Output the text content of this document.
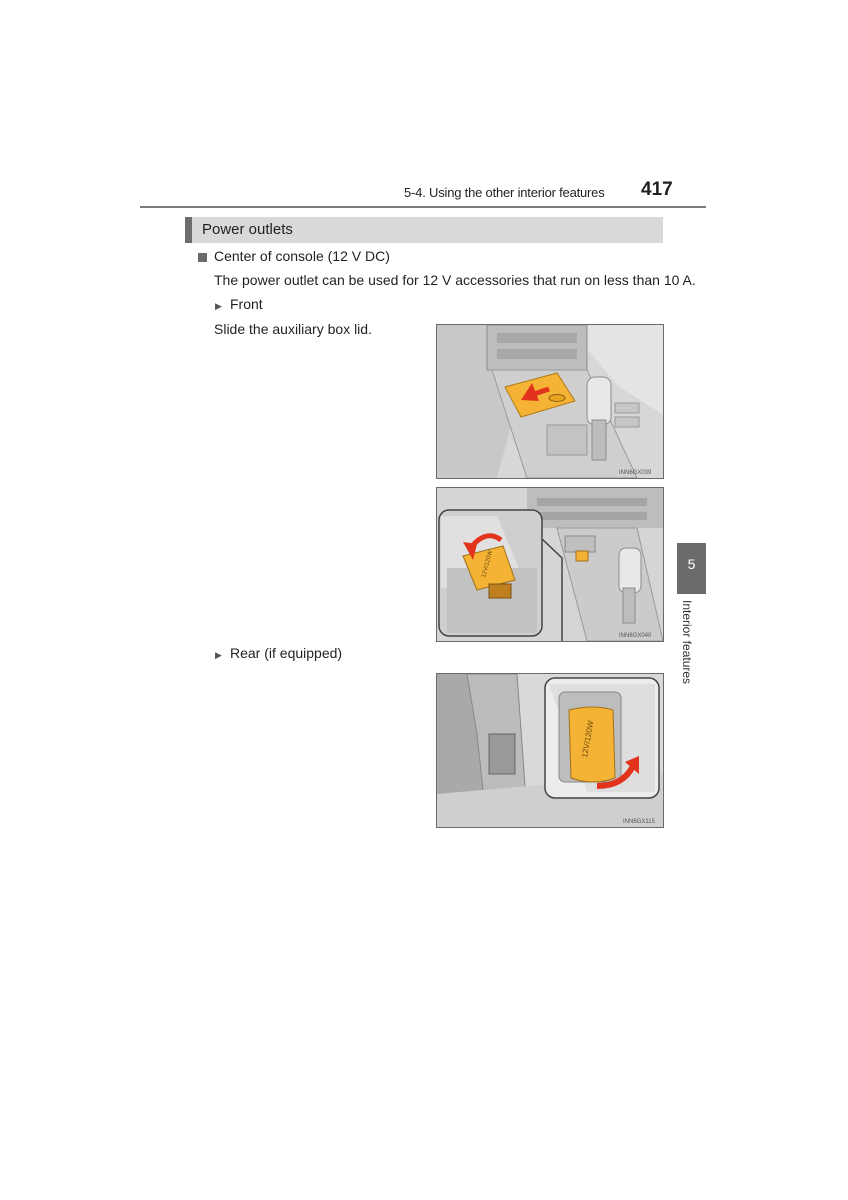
5-4. Using the other interior features 417
Power outlets
Center of console (12 V DC)
The power outlet can be used for 12 V accessories that run on less than 10 A.
▶ Front
Slide the auxiliary box lid.
INN6GX039
12V/120W
INN6GX040
▶ Rear (if equipped)
12V/120W
INN6GX115
5
Interior features
